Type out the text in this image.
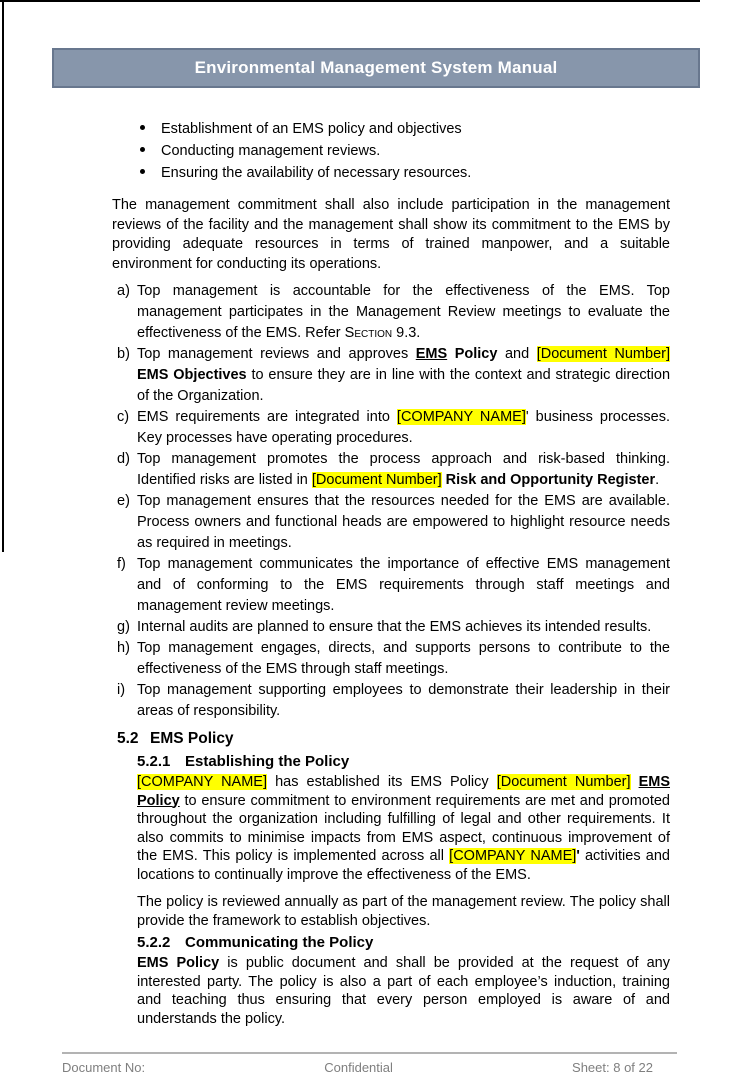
Environmental Management System Manual
Establishment of an EMS policy and objectives
Conducting management reviews.
Ensuring the availability of necessary resources.

The management commitment shall also include participation in the management reviews of the facility and the management shall show its commitment to the EMS by providing adequate resources in terms of trained manpower, and a suitable environment for conducting its operations.

a) Top management is accountable for the effectiveness of the EMS. Top management participates in the Management Review meetings to evaluate the effectiveness of the EMS. Refer Section 9.3.
b) Top management reviews and approves EMS Policy and [Document Number] EMS Objectives to ensure they are in line with the context and strategic direction of the Organization.
c) EMS requirements are integrated into [COMPANY NAME]' business processes. Key processes have operating procedures.
d) Top management promotes the process approach and risk-based thinking. Identified risks are listed in [Document Number] Risk and Opportunity Register.
e) Top management ensures that the resources needed for the EMS are available. Process owners and functional heads are empowered to highlight resource needs as required in meetings.
f) Top management communicates the importance of effective EMS management and of conforming to the EMS requirements through staff meetings and management review meetings.
g) Internal audits are planned to ensure that the EMS achieves its intended results.
h) Top management engages, directs, and supports persons to contribute to the effectiveness of the EMS through staff meetings.
i) Top management supporting employees to demonstrate their leadership in their areas of responsibility.
5.2 EMS Policy
5.2.1 Establishing the Policy

[COMPANY NAME] has established its EMS Policy [Document Number] EMS Policy to ensure commitment to environment requirements are met and promoted throughout the organization including fulfilling of legal and other requirements. It also commits to minimise impacts from EMS aspect, continuous improvement of the EMS. This policy is implemented across all [COMPANY NAME]' activities and locations to continually improve the effectiveness of the EMS.

The policy is reviewed annually as part of the management review. The policy shall provide the framework to establish objectives.

5.2.2 Communicating the Policy

EMS Policy is public document and shall be provided at the request of any interested party. The policy is also a part of each employee’s induction, training and teaching thus ensuring that every person employed is aware of and understands the policy.

Document No:	Confidential	Sheet: 8 of 22
